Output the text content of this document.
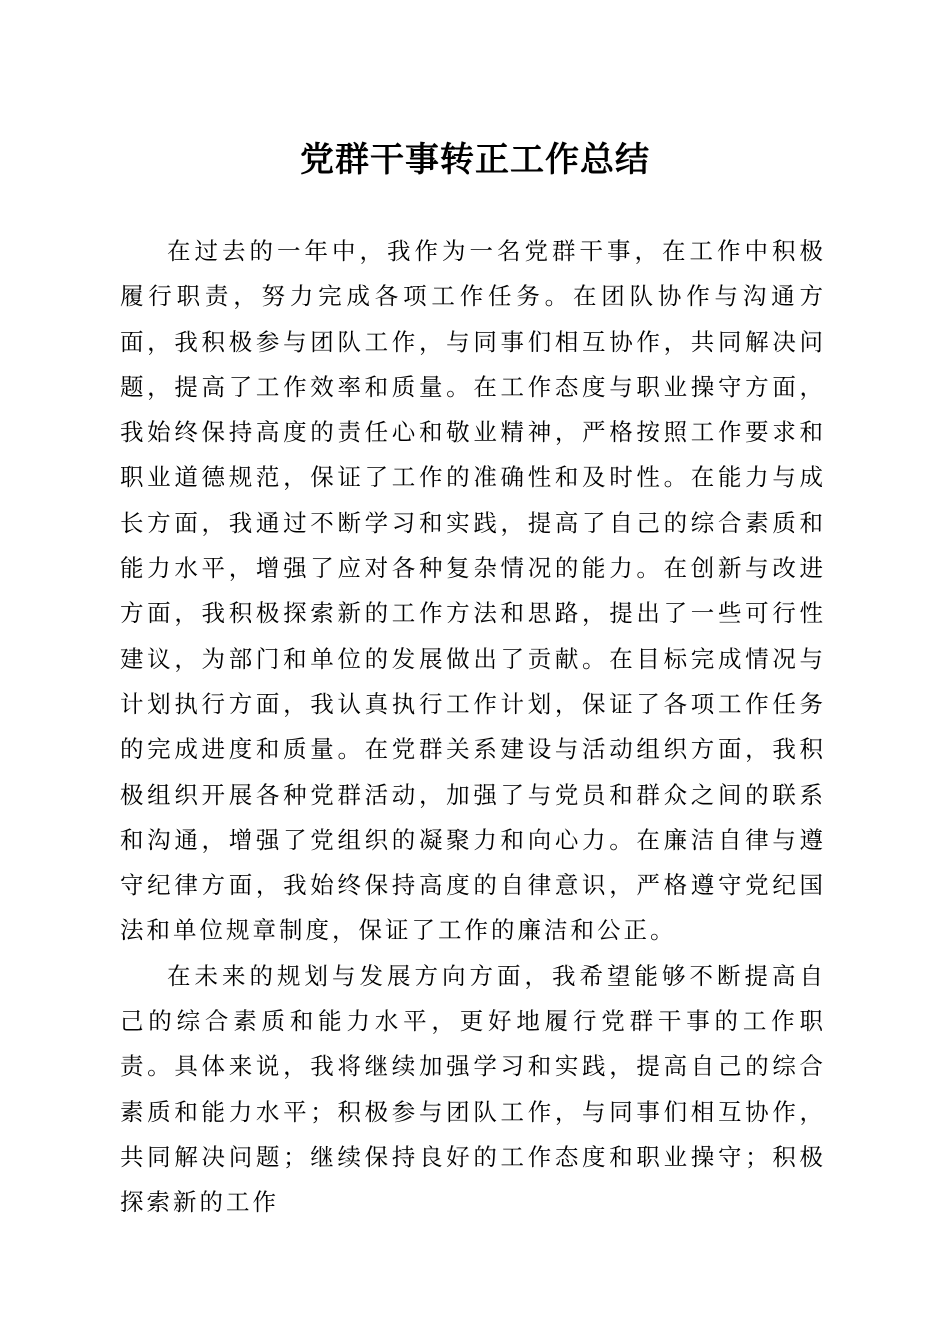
党群干事转正工作总结

在过去的一年中，我作为一名党群干事，在工作中积极履行职责，努力完成各项工作任务。在团队协作与沟通方面，我积极参与团队工作，与同事们相互协作，共同解决问题，提高了工作效率和质量。在工作态度与职业操守方面，我始终保持高度的责任心和敬业精神，严格按照工作要求和职业道德规范，保证了工作的准确性和及时性。在能力与成长方面，我通过不断学习和实践，提高了自己的综合素质和能力水平，增强了应对各种复杂情况的能力。在创新与改进方面，我积极探索新的工作方法和思路，提出了一些可行性建议，为部门和单位的发展做出了贡献。在目标完成情况与计划执行方面，我认真执行工作计划，保证了各项工作任务的完成进度和质量。在党群关系建设与活动组织方面，我积极组织开展各种党群活动，加强了与党员和群众之间的联系和沟通，增强了党组织的凝聚力和向心力。在廉洁自律与遵守纪律方面，我始终保持高度的自律意识，严格遵守党纪国法和单位规章制度，保证了工作的廉洁和公正。

在未来的规划与发展方向方面，我希望能够不断提高自己的综合素质和能力水平，更好地履行党群干事的工作职责。具体来说，我将继续加强学习和实践，提高自己的综合素质和能力水平；积极参与团队工作，与同事们相互协作，共同解决问题；继续保持良好的工作态度和职业操守；积极探索新的工作
